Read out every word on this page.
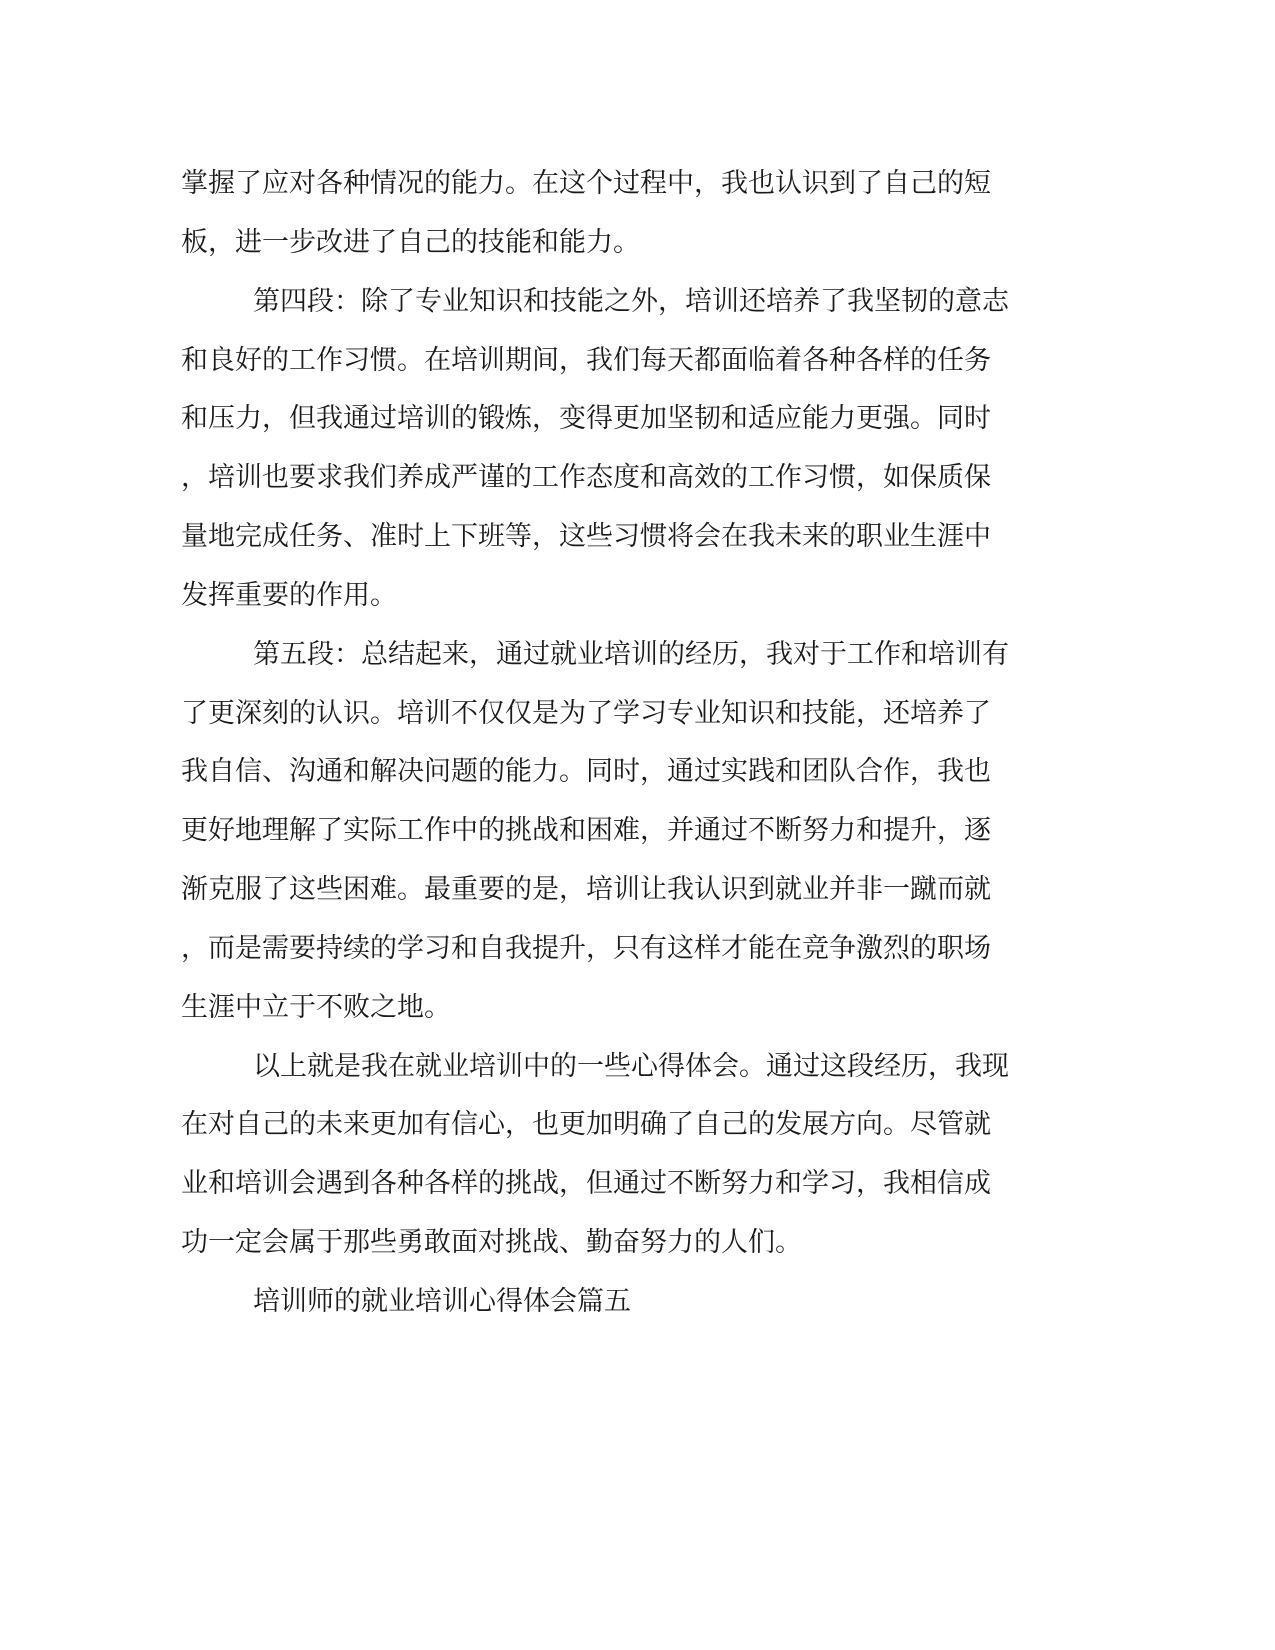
掌握了应对各种情况的能力。在这个过程中，我也认识到了自己的短

板，进一步改进了自己的技能和能力。

第四段：除了专业知识和技能之外，培训还培养了我坚韧的意志

和良好的工作习惯。在培训期间，我们每天都面临着各种各样的任务

和压力，但我通过培训的锻炼，变得更加坚韧和适应能力更强。同时

，培训也要求我们养成严谨的工作态度和高效的工作习惯，如保质保

量地完成任务、准时上下班等，这些习惯将会在我未来的职业生涯中

发挥重要的作用。

第五段：总结起来，通过就业培训的经历，我对于工作和培训有

了更深刻的认识。培训不仅仅是为了学习专业知识和技能，还培养了

我自信、沟通和解决问题的能力。同时，通过实践和团队合作，我也

更好地理解了实际工作中的挑战和困难，并通过不断努力和提升，逐

渐克服了这些困难。最重要的是，培训让我认识到就业并非一蹴而就

，而是需要持续的学习和自我提升，只有这样才能在竞争激烈的职场

生涯中立于不败之地。

以上就是我在就业培训中的一些心得体会。通过这段经历，我现

在对自己的未来更加有信心，也更加明确了自己的发展方向。尽管就

业和培训会遇到各种各样的挑战，但通过不断努力和学习，我相信成

功一定会属于那些勇敢面对挑战、勤奋努力的人们。

培训师的就业培训心得体会篇五
